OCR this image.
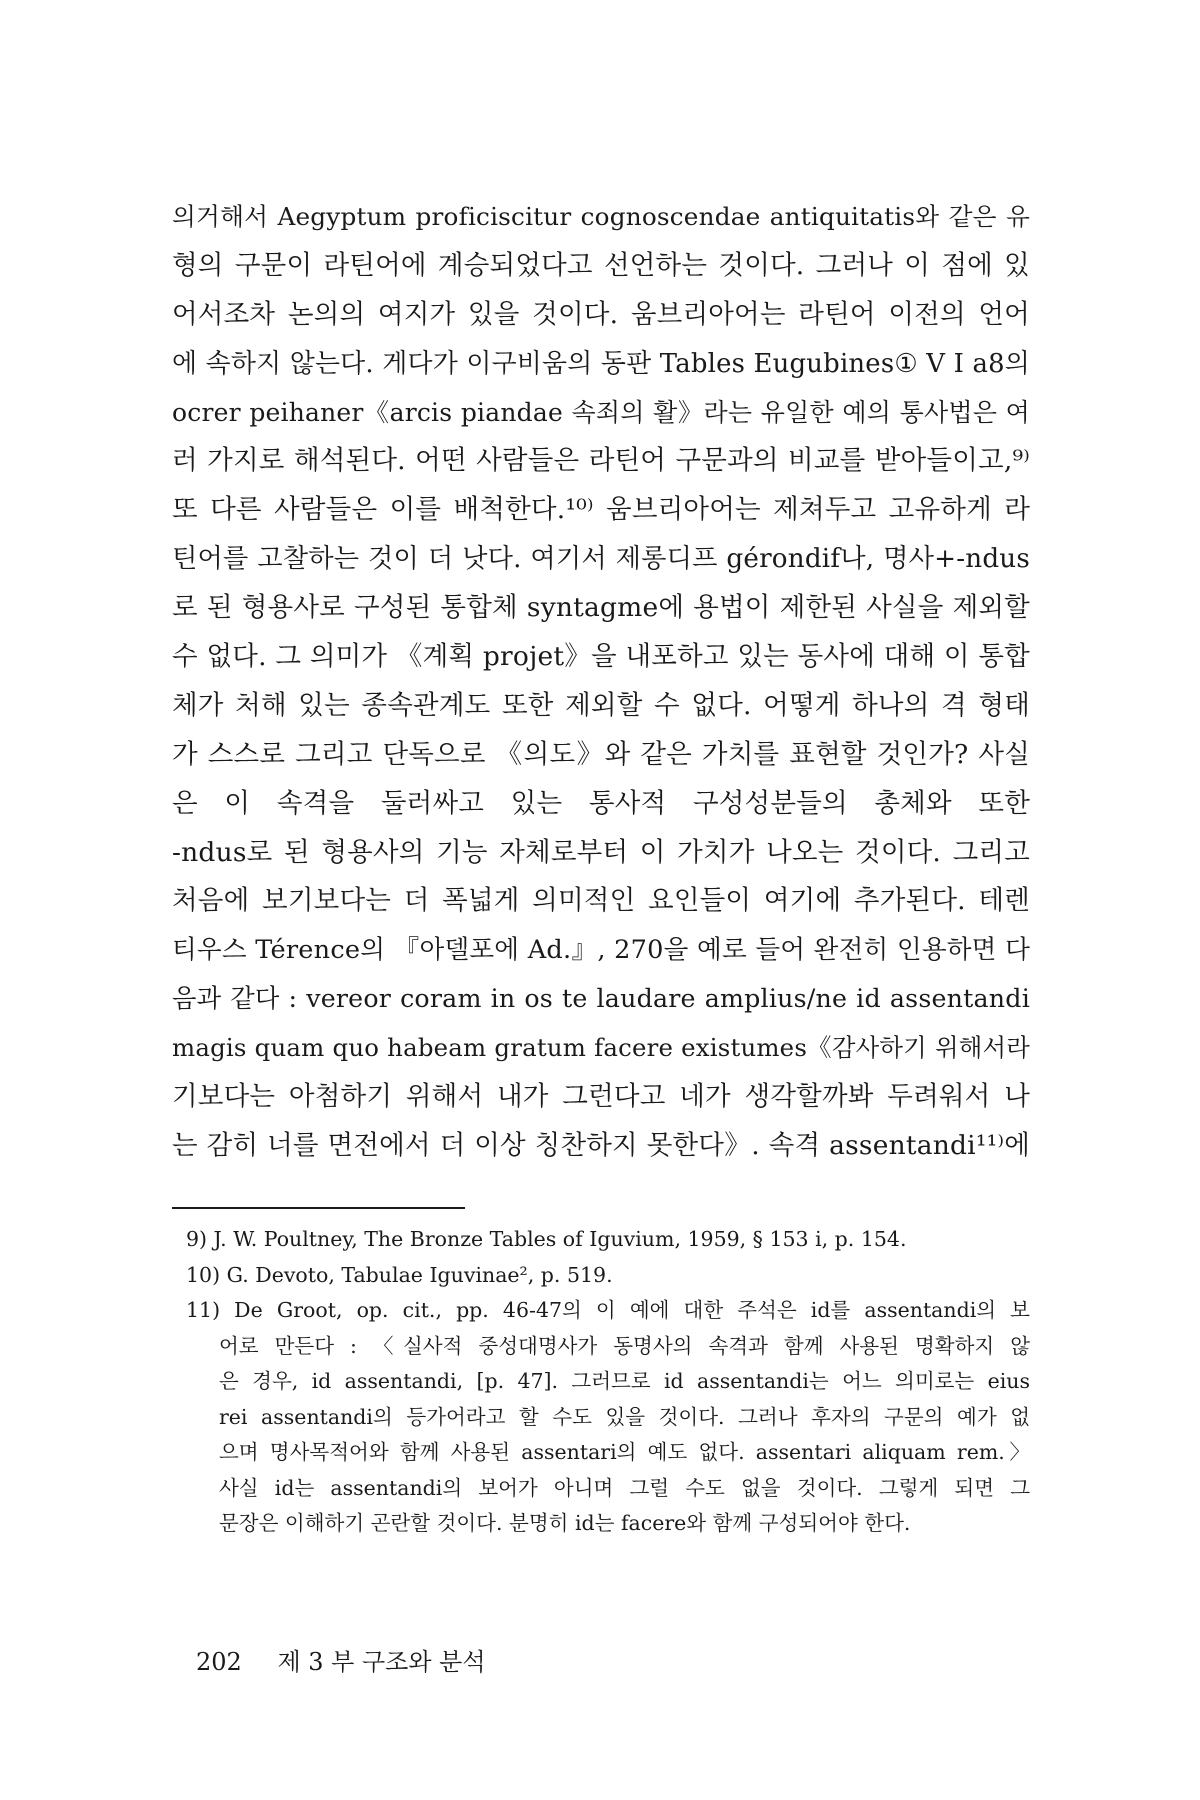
의거해서 Aegyptum proficiscitur cognoscendae antiquitatis와 같은 유
형의 구문이 라틴어에 계승되었다고 선언하는 것이다. 그러나 이 점에 있
어서조차 논의의 여지가 있을 것이다. 움브리아어는 라틴어 이전의 언어
에 속하지 않는다. 게다가 이구비움의 동판 Tables Eugubines① V I a8의
ocrer peihaner《arcis piandae 속죄의 활》라는 유일한 예의 통사법은 여
러 가지로 해석된다. 어떤 사람들은 라틴어 구문과의 비교를 받아들이고,⁹⁾
또 다른 사람들은 이를 배척한다.¹⁰⁾ 움브리아어는 제쳐두고 고유하게 라
틴어를 고찰하는 것이 더 낫다. 여기서 제롱디프 gérondif나, 명사+-ndus
로 된 형용사로 구성된 통합체 syntagme에 용법이 제한된 사실을 제외할
수 없다. 그 의미가 《계획 projet》을 내포하고 있는 동사에 대해 이 통합
체가 처해 있는 종속관계도 또한 제외할 수 없다. 어떻게 하나의 격 형태
가 스스로 그리고 단독으로 《의도》와 같은 가치를 표현할 것인가? 사실
은 이 속격을 둘러싸고 있는 통사적 구성성분들의 총체와 또한
-ndus로 된 형용사의 기능 자체로부터 이 가치가 나오는 것이다. 그리고
처음에 보기보다는 더 폭넓게 의미적인 요인들이 여기에 추가된다. 테렌
티우스 Térence의 『아델포에 Ad.』, 270을 예로 들어 완전히 인용하면 다
음과 같다 : vereor coram in os te laudare amplius/ne id assentandi
magis quam quo habeam gratum facere existumes《감사하기 위해서라
기보다는 아첨하기 위해서 내가 그런다고 네가 생각할까봐 두려워서 나
는 감히 너를 면전에서 더 이상 칭찬하지 못한다》. 속격 assentandi¹¹⁾에
9) J. W. Poultney, The Bronze Tables of Iguvium, 1959, § 153 i, p. 154.
10) G. Devoto, Tabulae Iguvinae², p. 519.
11) De Groot, op. cit., pp. 46-47의 이 예에 대한 주석은 id를 assentandi의 보
어로 만든다 : 〈실사적 중성대명사가 동명사의 속격과 함께 사용된 명확하지 않
은 경우, id assentandi, [p. 47]. 그러므로 id assentandi는 어느 의미로는 eius
rei assentandi의 등가어라고 할 수도 있을 것이다. 그러나 후자의 구문의 예가 없
으며 명사목적어와 함께 사용된 assentari의 예도 없다. assentari aliquam rem.〉
사실 id는 assentandi의 보어가 아니며 그럴 수도 없을 것이다. 그렇게 되면 그
문장은 이해하기 곤란할 것이다. 분명히 id는 facere와 함께 구성되어야 한다.
202 제 3 부 구조와 분석
